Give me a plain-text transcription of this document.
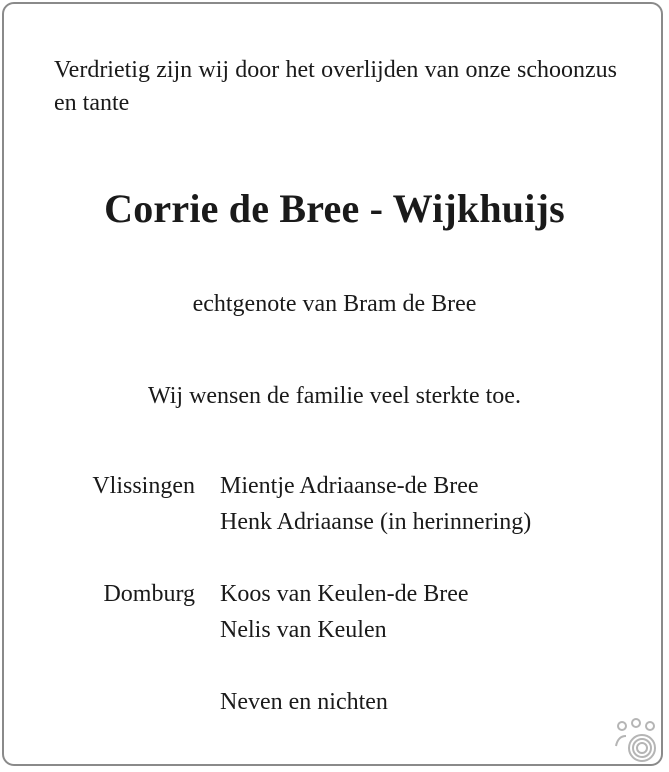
Verdrietig zijn wij door het overlijden van onze schoonzus en tante

Corrie de Bree - Wijkhuijs

echtgenote van Bram de Bree

Wij wensen de familie veel sterkte toe.

Vlissingen Mientje Adriaanse-de Bree
Henk Adriaanse (in herinnering)
Domburg Koos van Keulen-de Bree
Nelis van Keulen
Neven en nichten
